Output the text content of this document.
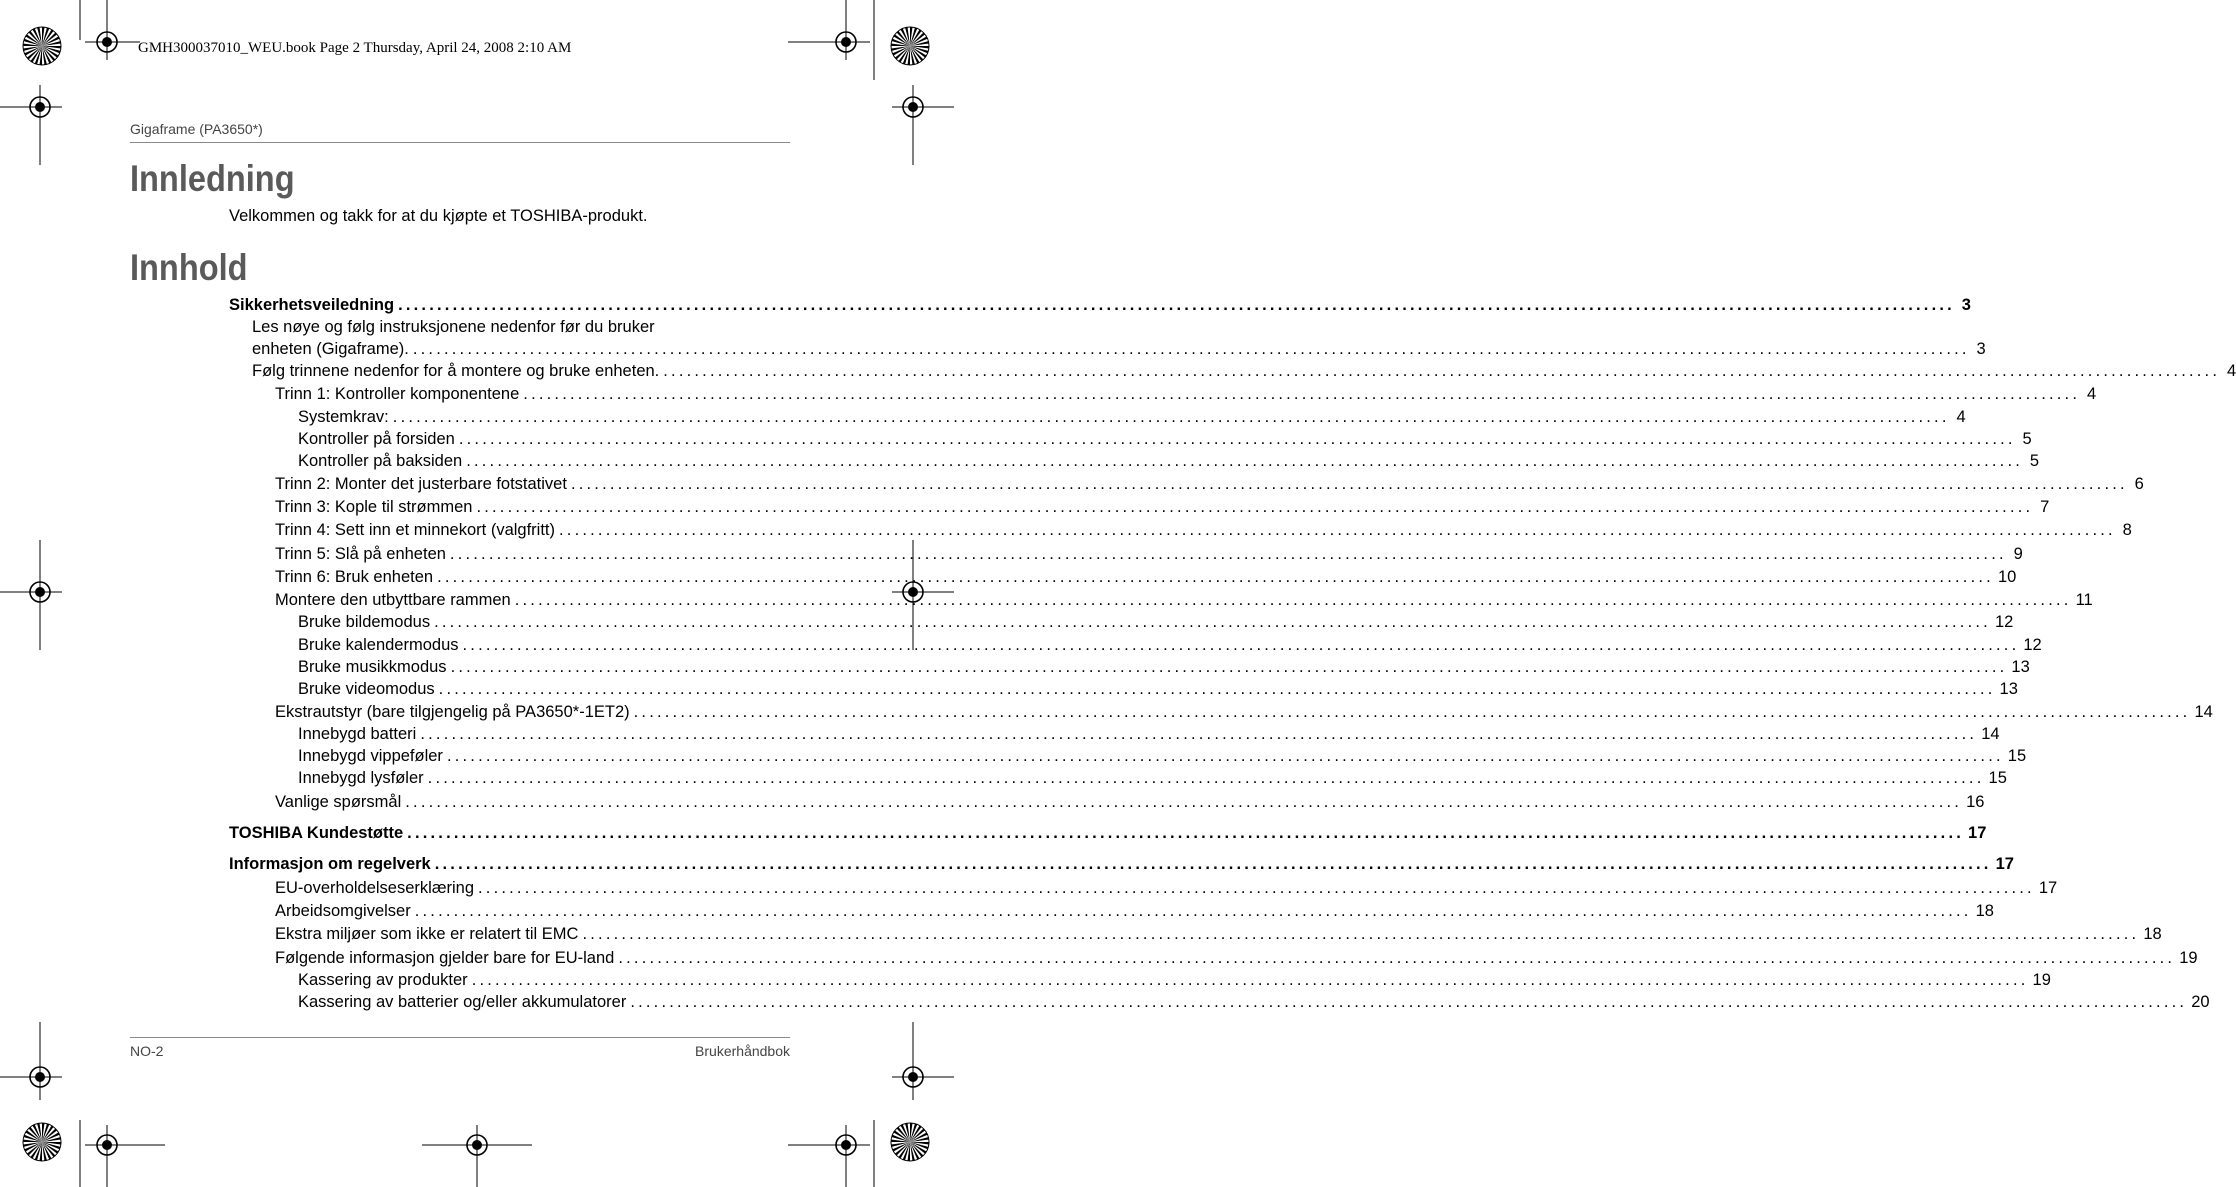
GMH300037010_WEU.book Page 2 Thursday, April 24, 2008 2:10 AM
Gigaframe (PA3650*)
Innledning
Velkommen og takk for at du kjøpte et TOSHIBA-produkt.
Innhold
Sikkerhetsveiledning ........................................................................................................................................................................................................ 3
Les nøye og følg instruksjonene nedenfor før du bruker
enheten (Gigaframe). ........................................................................................................................................................................................................ 3
Følg trinnene nedenfor for å montere og bruke enheten. ........................................................................................................................................................................................................ 4
Trinn 1: Kontroller komponentene ........................................................................................................................................................................................................ 4
Systemkrav: ........................................................................................................................................................................................................ 4
Kontroller på forsiden ........................................................................................................................................................................................................ 5
Kontroller på baksiden ........................................................................................................................................................................................................ 5
Trinn 2: Monter det justerbare fotstativet ........................................................................................................................................................................................................ 6
Trinn 3: Kople til strømmen ........................................................................................................................................................................................................ 7
Trinn 4: Sett inn et minnekort (valgfritt) ........................................................................................................................................................................................................ 8
Trinn 5: Slå på enheten ........................................................................................................................................................................................................ 9
Trinn 6: Bruk enheten ........................................................................................................................................................................................................ 10
Montere den utbyttbare rammen ........................................................................................................................................................................................................ 11
Bruke bildemodus ........................................................................................................................................................................................................ 12
Bruke kalendermodus ........................................................................................................................................................................................................ 12
Bruke musikkmodus ........................................................................................................................................................................................................ 13
Bruke videomodus ........................................................................................................................................................................................................ 13
Ekstrautstyr (bare tilgjengelig på PA3650*-1ET2) ........................................................................................................................................................................................................ 14
Innebygd batteri ........................................................................................................................................................................................................ 14
Innebygd vippeføler ........................................................................................................................................................................................................ 15
Innebygd lysføler ........................................................................................................................................................................................................ 15
Vanlige spørsmål ........................................................................................................................................................................................................ 16
TOSHIBA Kundestøtte ........................................................................................................................................................................................................ 17
Informasjon om regelverk ........................................................................................................................................................................................................ 17
EU-overholdelseserklæring ........................................................................................................................................................................................................ 17
Arbeidsomgivelser ........................................................................................................................................................................................................ 18
Ekstra miljøer som ikke er relatert til EMC ........................................................................................................................................................................................................ 18
Følgende informasjon gjelder bare for EU-land ........................................................................................................................................................................................................ 19
Kassering av produkter ........................................................................................................................................................................................................ 19
Kassering av batterier og/eller akkumulatorer ........................................................................................................................................................................................................ 20
NO-2	Brukerhåndbok
